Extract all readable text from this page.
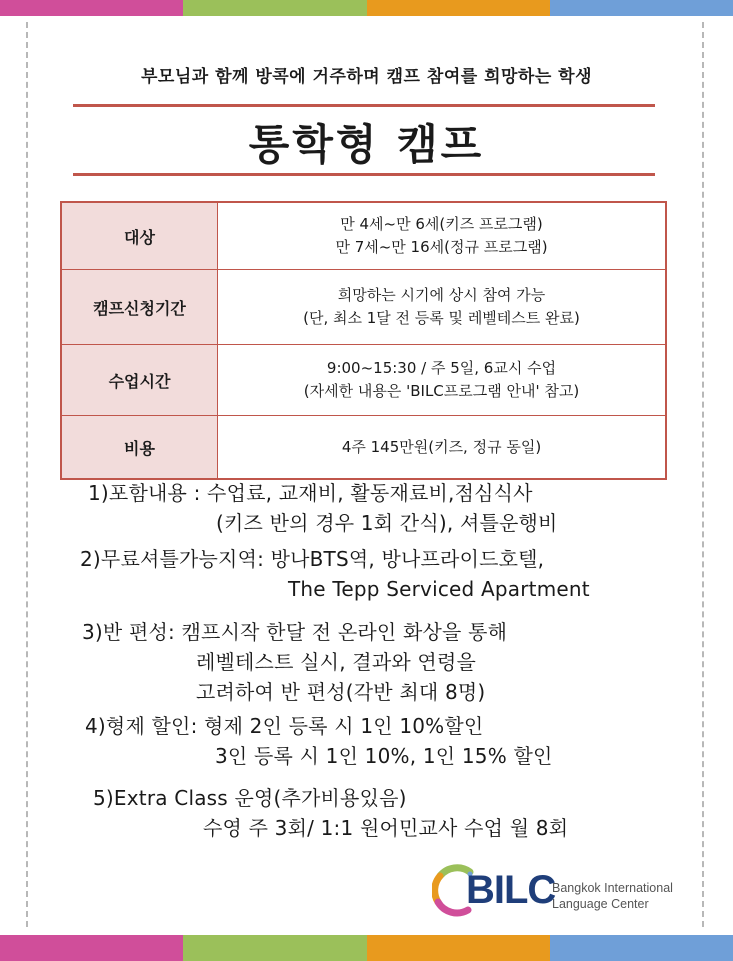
부모님과 함께 방콕에 거주하며 캠프 참여를 희망하는 학생
통학형 캠프
대상	만 4세~만 6세(키즈 프로그램)
만 7세~만 16세(정규 프로그램)

캠프신청기간	희망하는 시기에 상시 참여 가능
(단, 최소 1달 전 등록 및 레벨테스트 완료)

수업시간	9:00~15:30 / 주 5일, 6교시 수업
(자세한 내용은 'BILC프로그램 안내' 참고)

비용	4주 145만원(키즈, 정규 동일)
1)포함내용 : 수업료, 교재비, 활동재료비,점심식사
(키즈 반의 경우 1회 간식), 셔틀운행비
2)무료셔틀가능지역: 방나BTS역, 방나프라이드호텔,
The Tepp Serviced Apartment
3)반 편성: 캠프시작 한달 전 온라인 화상을 통해
레벨테스트 실시, 결과와 연령을
고려하여 반 편성(각반 최대 8명)
4)형제 할인: 형제 2인 등록 시 1인 10%할인
3인 등록 시 1인 10%, 1인 15% 할인
5)Extra Class 운영(추가비용있음)
수영 주 3회/ 1:1 원어민교사 수업 월 8회
BILC
Bangkok International
Language Center
